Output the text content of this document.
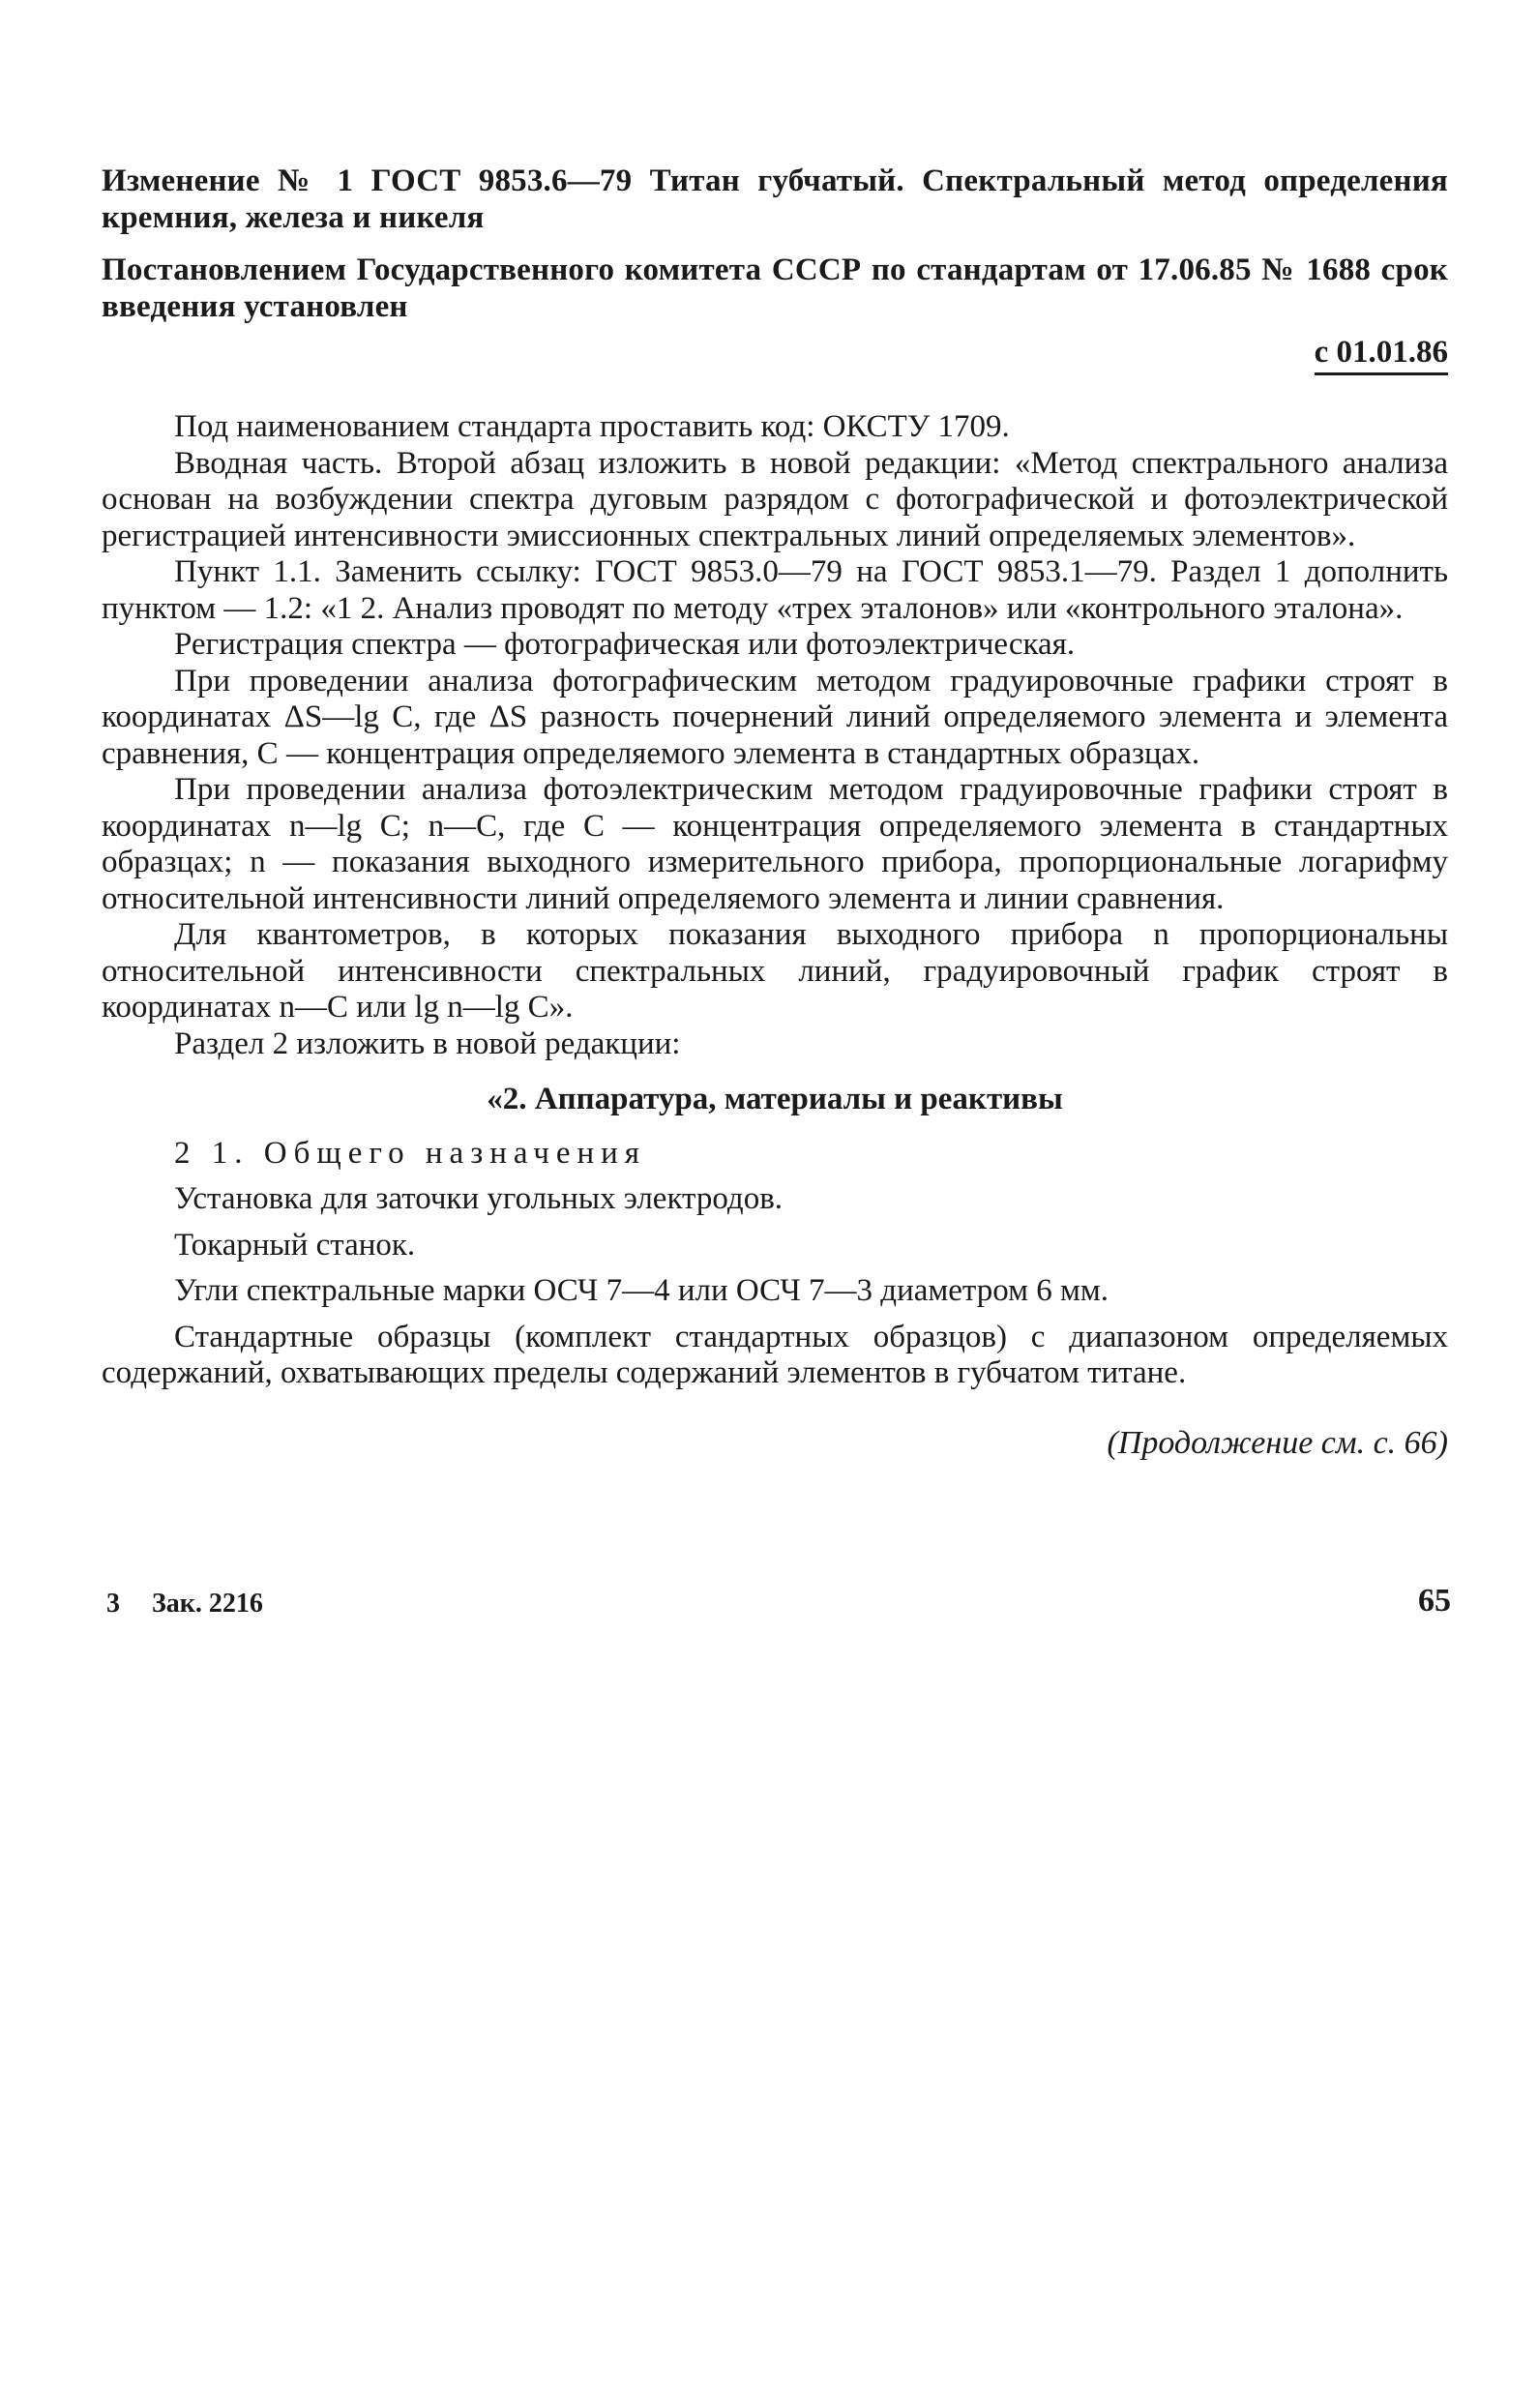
Изменение № 1 ГОСТ 9853.6—79 Титан губчатый. Спектральный метод определения кремния, железа и никеля
Постановлением Государственного комитета СССР по стандартам от 17.06.85 № 1688 срок введения установлен
с 01.01.86

Под наименованием стандарта проставить код: ОКСТУ 1709.

Вводная часть. Второй абзац изложить в новой редакции: «Метод спектрального анализа основан на возбуждении спектра дуговым разрядом с фотографической и фотоэлектрической регистрацией интенсивности эмиссионных спектральных линий определяемых элементов».

Пункт 1.1. Заменить ссылку: ГОСТ 9853.0—79 на ГОСТ 9853.1—79. Раздел 1 дополнить пунктом — 1.2: «1 2. Анализ проводят по методу «трех эталонов» или «контрольного эталона».

Регистрация спектра — фотографическая или фотоэлектрическая.

При проведении анализа фотографическим методом градуировочные графики строят в координатах ΔS—lg C, где ΔS разность почернений линий определяемого элемента и элемента сравнения, C — концентрация определяемого элемента в стандартных образцах.

При проведении анализа фотоэлектрическим методом градуировочные графики строят в координатах n—lg C; n—C, где C — концентрация определяемого элемента в стандартных образцах; n — показания выходного измерительного прибора, пропорциональные логарифму относительной интенсивности линий определяемого элемента и линии сравнения.

Для квантометров, в которых показания выходного прибора n пропорциональны относительной интенсивности спектральных линий, градуировочный график строят в координатах n—C или lg n—lg C».

Раздел 2 изложить в новой редакции:

«2. Аппаратура, материалы и реактивы

2 1. Общего назначения

Установка для заточки угольных электродов.

Токарный станок.

Угли спектральные марки ОСЧ 7—4 или ОСЧ 7—3 диаметром 6 мм.

Стандартные образцы (комплект стандартных образцов) с диапазоном определяемых содержаний, охватывающих пределы содержаний элементов в губчатом титане.

(Продолжение см. с. 66)
3 Зак. 2216	65
